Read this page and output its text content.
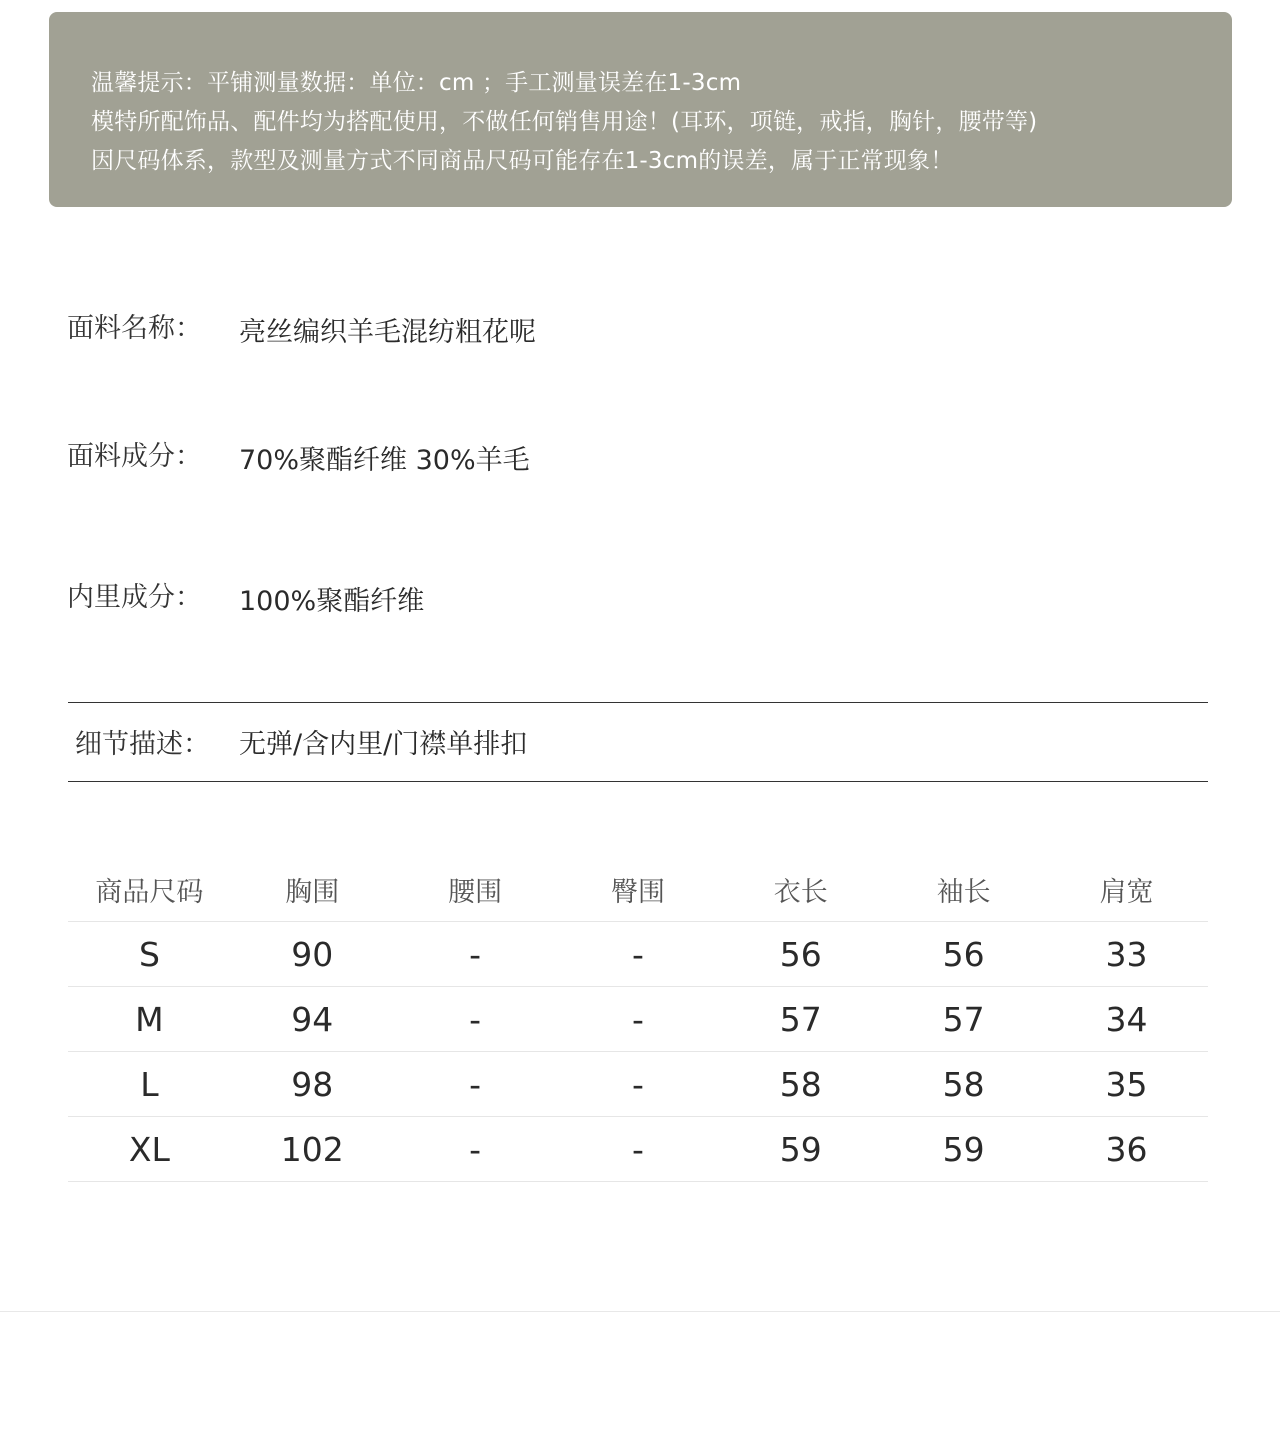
温馨提示：平铺测量数据：单位：cm ；手工测量误差在1-3cm
模特所配饰品、配件均为搭配使用，不做任何销售用途！(耳环，项链，戒指，胸针，腰带等)
因尺码体系，款型及测量方式不同商品尺码可能存在1-3cm的误差，属于正常现象！
面料名称： 亮丝编织羊毛混纺粗花呢
面料成分： 70%聚酯纤维 30%羊毛
内里成分： 100%聚酯纤维
细节描述： 无弹/含内里/门襟单排扣
商品尺码	胸围	腰围	臀围	衣长	袖长	肩宽
S	90	-	-	56	56	33
M	94	-	-	57	57	34
L	98	-	-	58	58	35
XL	102	-	-	59	59	36
